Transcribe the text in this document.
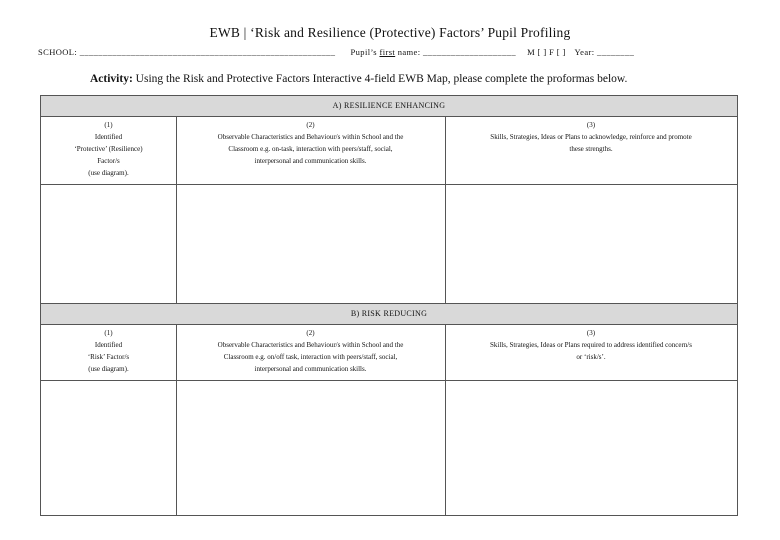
EWB | ‘Risk and Resilience (Protective) Factors’ Pupil Profiling
SCHOOL: _______________________________________________________ Pupil’s first name: ____________________ M [ ] F [ ] Year: ________
Activity: Using the Risk and Protective Factors Interactive 4-field EWB Map, please complete the proformas below.
A) RESILIENCE ENHANCING
(1)
Identified
‘Protective’ (Resilience)
Factor/s
(use diagram).
(2)
Observable Characteristics and Behaviour/s within School and the
Classroom e.g. on-task, interaction with peers/staff, social,
interpersonal and communication skills.
(3)
Skills, Strategies, Ideas or Plans to acknowledge, reinforce and promote
these strengths.
B) RISK REDUCING
(1)
Identified
‘Risk’ Factor/s
(use diagram).
(2)
Observable Characteristics and Behaviour/s within School and the
Classroom e.g. on/off task, interaction with peers/staff, social,
interpersonal and communication skills.
(3)
Skills, Strategies, Ideas or Plans required to address identified concern/s
or ‘risk/s’.
